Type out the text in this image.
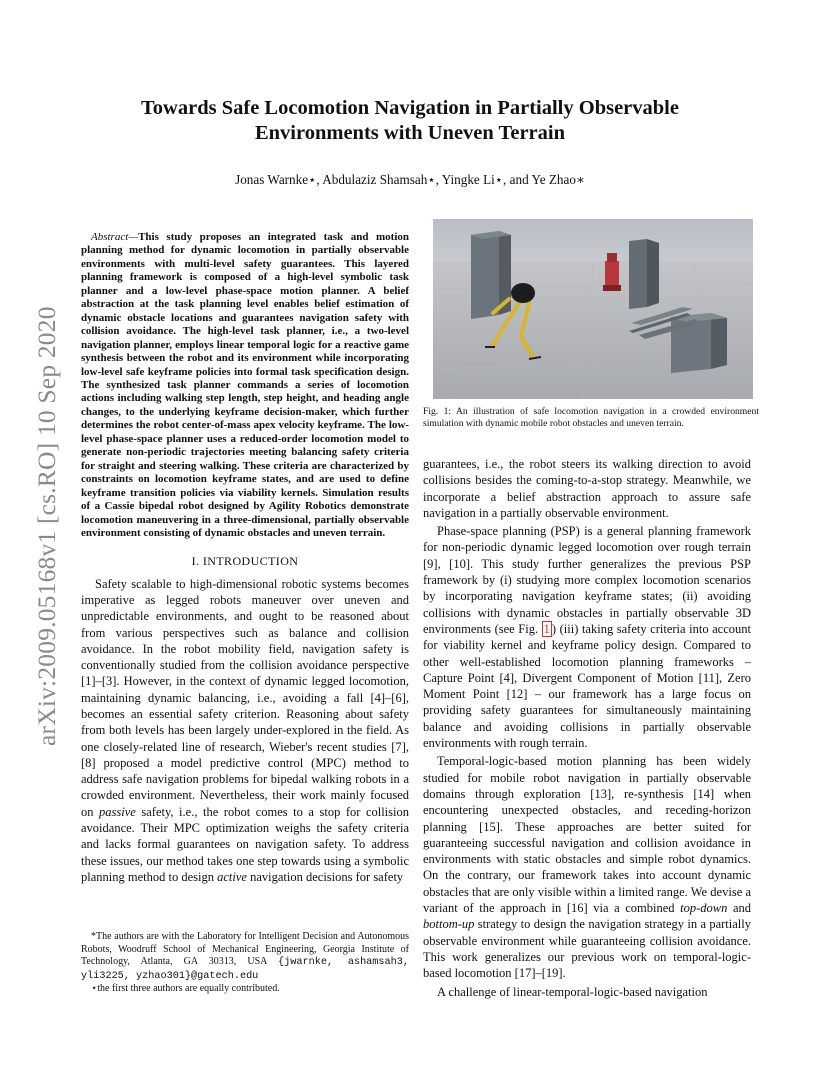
arXiv:2009.05168v1 [cs.RO] 10 Sep 2020
Towards Safe Locomotion Navigation in Partially Observable
Environments with Uneven Terrain
Jonas Warnke⋆, Abdulaziz Shamsah⋆, Yingke Li⋆, and Ye Zhao∗

Abstract—This study proposes an integrated task and motion planning method for dynamic locomotion in partially observable environments with multi-level safety guarantees. This layered planning framework is composed of a high-level symbolic task planner and a low-level phase-space motion planner. A belief abstraction at the task planning level enables belief estimation of dynamic obstacle locations and guarantees navigation safety with collision avoidance. The high-level task planner, i.e., a two-level navigation planner, employs linear temporal logic for a reactive game synthesis between the robot and its environment while incorporating low-level safe keyframe policies into formal task specification design. The synthesized task planner commands a series of locomotion actions including walking step length, step height, and heading angle changes, to the underlying keyframe decision-maker, which further determines the robot center-of-mass apex velocity keyframe. The low-level phase-space planner uses a reduced-order locomotion model to generate non-periodic trajectories meeting balancing safety criteria for straight and steering walking. These criteria are characterized by constraints on locomotion keyframe states, and are used to define keyframe transition policies via viability kernels. Simulation results of a Cassie bipedal robot designed by Agility Robotics demonstrate locomotion maneuvering in a three-dimensional, partially observable environment consisting of dynamic obstacles and uneven terrain.

I. INTRODUCTION

Safety scalable to high-dimensional robotic systems becomes imperative as legged robots maneuver over uneven and unpredictable environments, and ought to be reasoned about from various perspectives such as balance and collision avoidance. In the robot mobility field, navigation safety is conventionally studied from the collision avoidance perspective [1]–[3]. However, in the context of dynamic legged locomotion, maintaining dynamic balancing, i.e., avoiding a fall [4]–[6], becomes an essential safety criterion. Reasoning about safety from both levels has been largely under-explored in the field. As one closely-related line of research, Wieber's recent studies [7], [8] proposed a model predictive control (MPC) method to address safe navigation problems for bipedal walking robots in a crowded environment. Nevertheless, their work mainly focused on passive safety, i.e., the robot comes to a stop for collision avoidance. Their MPC optimization weighs the safety criteria and lacks formal guarantees on navigation safety. To address these issues, our method takes one step towards using a symbolic planning method to design active navigation decisions for safety

*The authors are with the Laboratory for Intelligent Decision and Autonomous Robots, Woodruff School of Mechanical Engineering, Georgia Institute of Technology, Atlanta, GA 30313, USA {jwarnke, ashamsah3, yli3225, yzhao301}@gatech.edu

⋆the first three authors are equally contributed.

Fig. 1: An illustration of safe locomotion navigation in a crowded environment simulation with dynamic mobile robot obstacles and uneven terrain.

guarantees, i.e., the robot steers its walking direction to avoid collisions besides the coming-to-a-stop strategy. Meanwhile, we incorporate a belief abstraction approach to assure safe navigation in a partially observable environment.

Phase-space planning (PSP) is a general planning framework for non-periodic dynamic legged locomotion over rough terrain [9], [10]. This study further generalizes the previous PSP framework by (i) studying more complex locomotion scenarios by incorporating navigation keyframe states; (ii) avoiding collisions with dynamic obstacles in partially observable 3D environments (see Fig. 1 ) (iii) taking safety criteria into account for viability kernel and keyframe policy design. Compared to other well-established locomotion planning frameworks – Capture Point [4], Divergent Component of Motion [11], Zero Moment Point [12] – our framework has a large focus on providing safety guarantees for simultaneously maintaining balance and avoiding collisions in partially observable environments with rough terrain.

Temporal-logic-based motion planning has been widely studied for mobile robot navigation in partially observable domains through exploration [13], re-synthesis [14] when encountering unexpected obstacles, and receding-horizon planning [15]. These approaches are better suited for guaranteeing successful navigation and collision avoidance in environments with static obstacles and simple robot dynamics. On the contrary, our framework takes into account dynamic obstacles that are only visible within a limited range. We devise a variant of the approach in [16] via a combined top-down and bottom-up strategy to design the navigation strategy in a partially observable environment while guaranteeing collision avoidance. This work generalizes our previous work on temporal-logic-based locomotion [17]–[19].

A challenge of linear-temporal-logic-based navigation
